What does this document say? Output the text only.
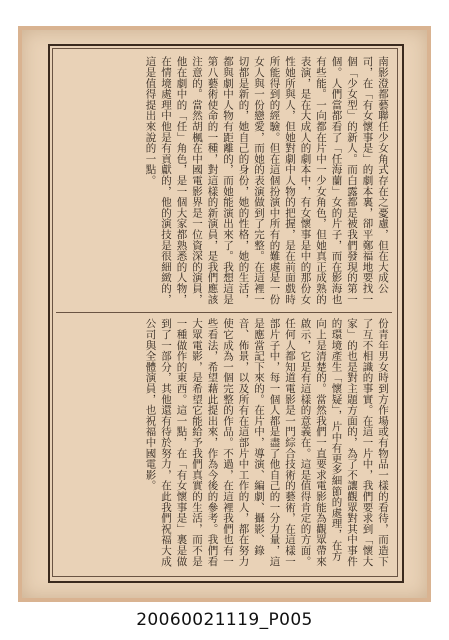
南影澄都藝聯任少女角式存在之憂慮，但在大成公司，在「有女懷事是」的劇本裏，卻平鄭福地要找一個「少女型」的新人。而白露都是被我們發現的第一個。人們當都看了「任海蘭」女的片子，而在影海也有些能。一向都在片中一少女角色，但她真正成熟的表演，是在大成人的劇本中，有女懷事是中的那份女性她所與人，但她對劇中人物的把握，是在前面戲時所能得到的經驗。但在這個扮演中所有的難處是一份女人與一份戀愛，而她的表演做到了完整。在這裡一切都是新的，她自己的身份，她的性格，她的生活，都與劇中人物有距離的，而她能演出來了。我想這是第八藝術使命的一種，對這樣的新演員，是我們應該注意的。當然胡楓在中國電影界是一位資深的演員，他在劇中的「任」角色，是一個大家都熟悉的人物，在情境處理中他是有貢獻的，他的演技是很細緻的，這是值得提出來說的一點。

份青年男女時到方作場或有物品一樣的看待，而造下了互不相識的事實。在這一片中，我們要求到「懷大家」的也是對主題方面的，為了不讓觀眾對其中事件的環境產生「懷疑」，片中有更多細節的處理，在方向上是清楚的。當然我們一直要求電影能為觀眾帶來啟示，它是有這樣的意義在。這是值得肯定的方面。任何人都知道電影是一門綜合技術的藝術，在這樣一部片子中，每一個人都是盡了他自己的一分力量，這是應當記下來的。在片中，導演、編劇、攝影、錄音、佈景，以及所有在這部片中工作的人，都在努力使它成為一個完整的作品。不過，在這裡我們也有一些看法，希望藉此提出來，作為今後的參考。我們看大眾電影，是希望它能給予我們真實的生活，而不是一種做作的東西。這一點，在「有女懷事是」裏是做到了一部分，其他還有待於努力，在此我們祝福大成公司與全體演員，也祝福中國電影。

20060021119_P005
